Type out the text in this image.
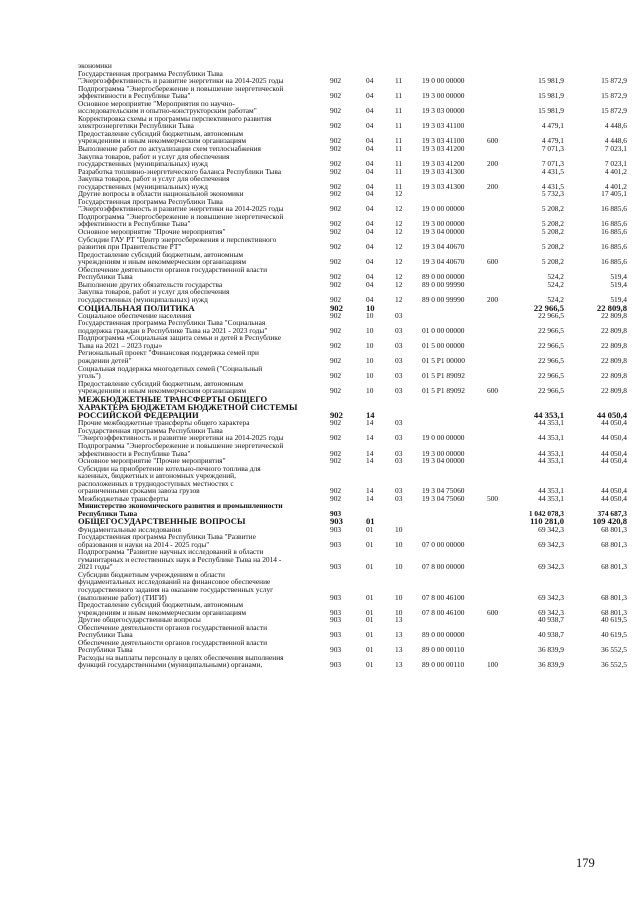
экономики
Государственная программа Республики Тыва
"Энергоэффективность и развитие энергетики на 2014-2025 годы	902	04	11	19 0 00 00000	15 981,9	15 872,9
Подпрограмма "Энергосбережение и повышение энергетической
эффективности в Республике Тыва"	902	04	11	19 3 00 00000	15 981,9	15 872,9
Основное мероприятие "Мероприятия по научно-
исследовательским и опытно-конструкторским работам"	902	04	11	19 3 03 00000	15 981,9	15 872,9
Корректировка схемы и программы перспективного развития
электроэнергетики Республики Тыва	902	04	11	19 3 03 41100	4 479,1	4 448,6
Предоставление субсидий бюджетным, автономным
учреждениям и иным некоммерческим организациям	902	04	11	19 3 03 41100	600	4 479,1	4 448,6
Выполнение работ по актуализации схем теплоснабжения	902	04	11	19 3 03 41200	7 071,3	7 023,1
Закупка товаров, работ и услуг для обеспечения
государственных (муниципальных) нужд	902	04	11	19 3 03 41200	200	7 071,3	7 023,1
Разработка топливно-энергетического баланса Республики Тыва	902	04	11	19 3 03 41300	4 431,5	4 401,2
Закупка товаров, работ и услуг для обеспечения
государственных (муниципальных) нужд	902	04	11	19 3 03 41300	200	4 431,5	4 401,2
Другие вопросы в области национальной экономики	902	04	12	5 732,3	17 405,1
Государственная программа Республики Тыва
"Энергоэффективность и развитие энергетики на 2014-2025 годы	902	04	12	19 0 00 00000	5 208,2	16 885,6
Подпрограмма "Энергосбережение и повышение энергетической
эффективности в Республике Тыва"	902	04	12	19 3 00 00000	5 208,2	16 885,6
Основное мероприятие "Прочие мероприятия"	902	04	12	19 3 04 00000	5 208,2	16 885,6
Субсидии ГАУ РТ "Центр энергосбережения и перспективного
развития при Правительстве РТ"	902	04	12	19 3 04 40670	5 208,2	16 885,6
Предоставление субсидий бюджетным, автономным
учреждениям и иным некоммерческим организациям	902	04	12	19 3 04 40670	600	5 208,2	16 885,6
Обеспечение деятельности органов государственной власти
Республики Тыва	902	04	12	89 0 00 00000	524,2	519,4
Выполнение других обязательств государства	902	04	12	89 0 00 99990	524,2	519,4
Закупка товаров, работ и услуг для обеспечения
государственных (муниципальных) нужд	902	04	12	89 0 00 99990	200	524,2	519,4
СОЦИАЛЬНАЯ ПОЛИТИКА	902	10	22 966,5	22 809,8
Социальное обеспечение населения	902	10	03	22 966,5	22 809,8
Государственная программа Республики Тыва "Социальная
поддержка граждан в Республике Тыва на 2021 - 2023 годы"	902	10	03	01 0 00 00000	22 966,5	22 809,8
Подпрограмма «Социальная защита семьи и детей в Республике
Тыва на 2021 – 2023 годы»	902	10	03	01 5 00 00000	22 966,5	22 809,8
Региональный проект "Финансовая поддержка семей при
рождении детей"	902	10	03	01 5 P1 00000	22 966,5	22 809,8
Социальная поддержка многодетных семей ("Социальный
уголь")	902	10	03	01 5 P1 89092	22 966,5	22 809,8
Предоставление субсидий бюджетным, автономным
учреждениям и иным некоммерческим организациям	902	10	03	01 5 P1 89092	600	22 966,5	22 809,8
МЕЖБЮДЖЕТНЫЕ ТРАНСФЕРТЫ ОБЩЕГО
ХАРАКТЕРА БЮДЖЕТАМ БЮДЖЕТНОЙ СИСТЕМЫ
РОССИЙСКОЙ ФЕДЕРАЦИИ	902	14	44 353,1	44 050,4
Прочие межбюджетные трансферты общего характера	902	14	03	44 353,1	44 050,4
Государственная программа Республики Тыва
"Энергоэффективность и развитие энергетики на 2014-2025 годы	902	14	03	19 0 00 00000	44 353,1	44 050,4
Подпрограмма "Энергосбережение и повышение энергетической
эффективности в Республике Тыва"	902	14	03	19 3 00 00000	44 353,1	44 050,4
Основное мероприятие "Прочие мероприятия"	902	14	03	19 3 04 00000	44 353,1	44 050,4
Субсидии на приобретение котельно-печного топлива для
казенных, бюджетных и автономных учреждений,
расположенных в труднодоступных местностях с
ограниченными сроками завоза грузов	902	14	03	19 3 04 75060	44 353,1	44 050,4
Межбюджетные трансферты	902	14	03	19 3 04 75060	500	44 353,1	44 050,4
Министерство экономического развития и промышленности
Республики Тыва	903	1 042 078,3	374 687,3
ОБЩЕГОСУДАРСТВЕННЫЕ ВОПРОСЫ	903	01	110 281,0	109 420,8
Фундаментальные исследования	903	01	10	69 342,3	68 801,3
Государственная программа Республики Тыва "Развитие
образования и науки на 2014 - 2025 годы"	903	01	10	07 0 00 00000	69 342,3	68 801,3
Подпрограмма "Развитие научных исследований в области
гуманитарных и естественных наук в Республике Тыва на 2014 -
2021 годы"	903	01	10	07 8 00 00000	69 342,3	68 801,3
Субсидии бюджетным учреждениям в области
фундаментальных исследований на финансовое обеспечение
государственного задания на оказание государственных услуг
(выполнение работ) (ТИГИ)	903	01	10	07 8 00 46100	69 342,3	68 801,3
Предоставление субсидий бюджетным, автономным
учреждениям и иным некоммерческим организациям	903	01	10	07 8 00 46100	600	69 342,3	68 801,3
Другие общегосударственные вопросы	903	01	13	40 938,7	40 619,5
Обеспечение деятельности органов государственной власти
Республики Тыва	903	01	13	89 0 00 00000	40 938,7	40 619,5
Обеспечение деятельности органов государственной власти
Республики Тыва	903	01	13	89 0 00 00110	36 839,9	36 552,5
Расходы на выплаты персоналу в целях обеспечения выполнения
функций государственными (муниципальными) органами,	903	01	13	89 0 00 00110	100	36 839,9	36 552,5
179
